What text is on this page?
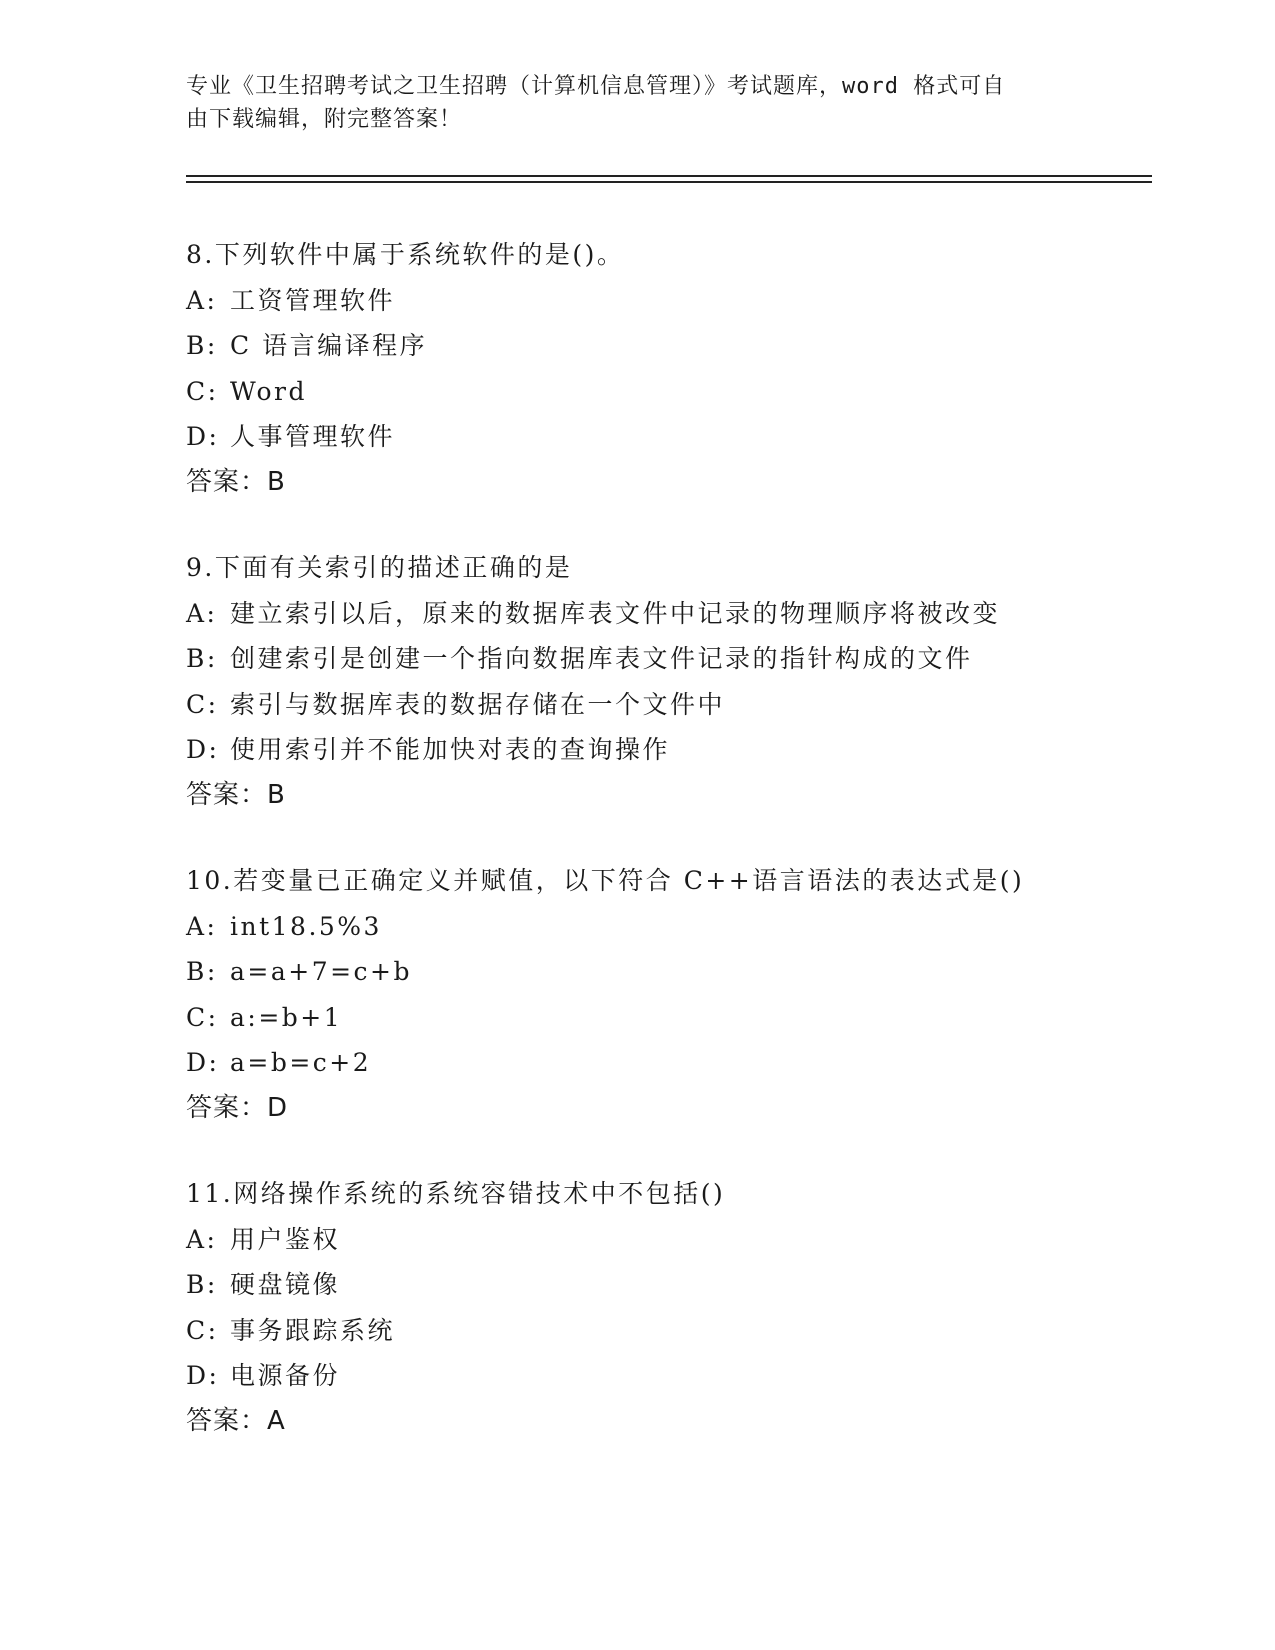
专业《卫生招聘考试之卫生招聘（计算机信息管理）》考试题库，word 格式可自
由下载编辑，附完整答案！
8.下列软件中属于系统软件的是()。
A: 工资管理软件
B: C 语言编译程序
C: Word
D: 人事管理软件
答案：B
9.下面有关索引的描述正确的是
A: 建立索引以后，原来的数据库表文件中记录的物理顺序将被改变
B: 创建索引是创建一个指向数据库表文件记录的指针构成的文件
C: 索引与数据库表的数据存储在一个文件中
D: 使用索引并不能加快对表的查询操作
答案：B
10.若变量已正确定义并赋值，以下符合 C++语言语法的表达式是()
A: int18.5%3
B: a=a+7=c+b
C: a:=b+1
D: a=b=c+2
答案：D
11.网络操作系统的系统容错技术中不包括()
A: 用户鉴权
B: 硬盘镜像
C: 事务跟踪系统
D: 电源备份
答案：A
